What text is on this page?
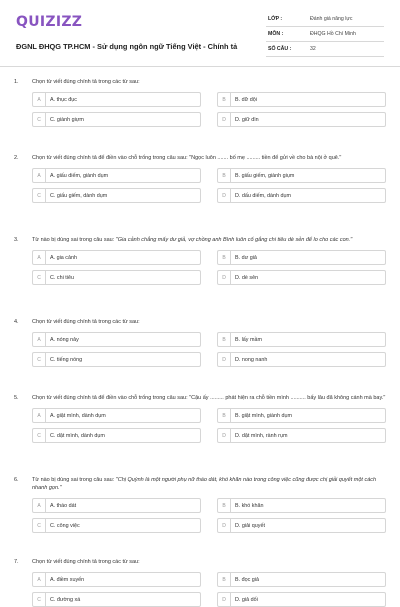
QUIZIZZ
ĐGNL ĐHQG TP.HCM - Sử dụng ngôn ngữ Tiếng Việt - Chính tả
LỚP :	Đánh giá năng lực
MÔN :	ĐHQG Hồ Chí Minh
SỐ CÂU :	32
1.	Chọn từ viết đúng chính tả trong các từ sau:
A	A. thục đục	B	B. dữ dội
C	C. giành giựm	D	D. giữ dìn
2.	Chọn từ viết đúng chính tả để điền vào chỗ trống trong câu sau: "Ngọc luôn ....... bố mẹ ......... tiền để gửi về cho bà nội ở quê."
A	A. giấu diếm, giành dụm	B	B. giấu giếm, giành giụm
C	C. giấu giếm, dành dụm	D	D. dấu diếm, dành dụm
3.	Từ nào bị dùng sai trong câu sau: "Gia cảnh chẳng mấy dư giả, vợ chồng anh Bình luôn cố gắng chi tiêu dè sẻn để lo cho các con."
A	A. gia cảnh	B	B. dư giả
C	C. chi tiêu	D	D. dè sẻn
4.	Chọn từ viết đúng chính tả trong các từ sau:
A	A. nóng nảy	B	B. lấy mầm
C	C. tiếng nóng	D	D. nong nanh
5.	Chọn từ viết đúng chính tả để điền vào chỗ trống trong câu sau: "Cậu ấy ......... phát hiện ra chỗ tiền mình .......... bấy lâu đã không cánh mà bay."
A	A. giật mình, dành dụm	B	B. giật mình, giành dụm
C	C. dật mình, dành dụm	D	D. dật mình, rành rụm
6.	Từ nào bị dùng sai trong câu sau: "Chị Quỳnh là một người phụ nữ tháo dát, khó khăn nào trong công việc cũng được chị giải quyết một cách nhanh gọn."
A	A. tháo dát	B	B. khó khăn
C	C. công việc	D	D. giải quyết
7.	Chọn từ viết đúng chính tả trong các từ sau:
A	A. điềm xuyến	B	B. đọc giả
C	C. đường xá	D	D. giả dối
